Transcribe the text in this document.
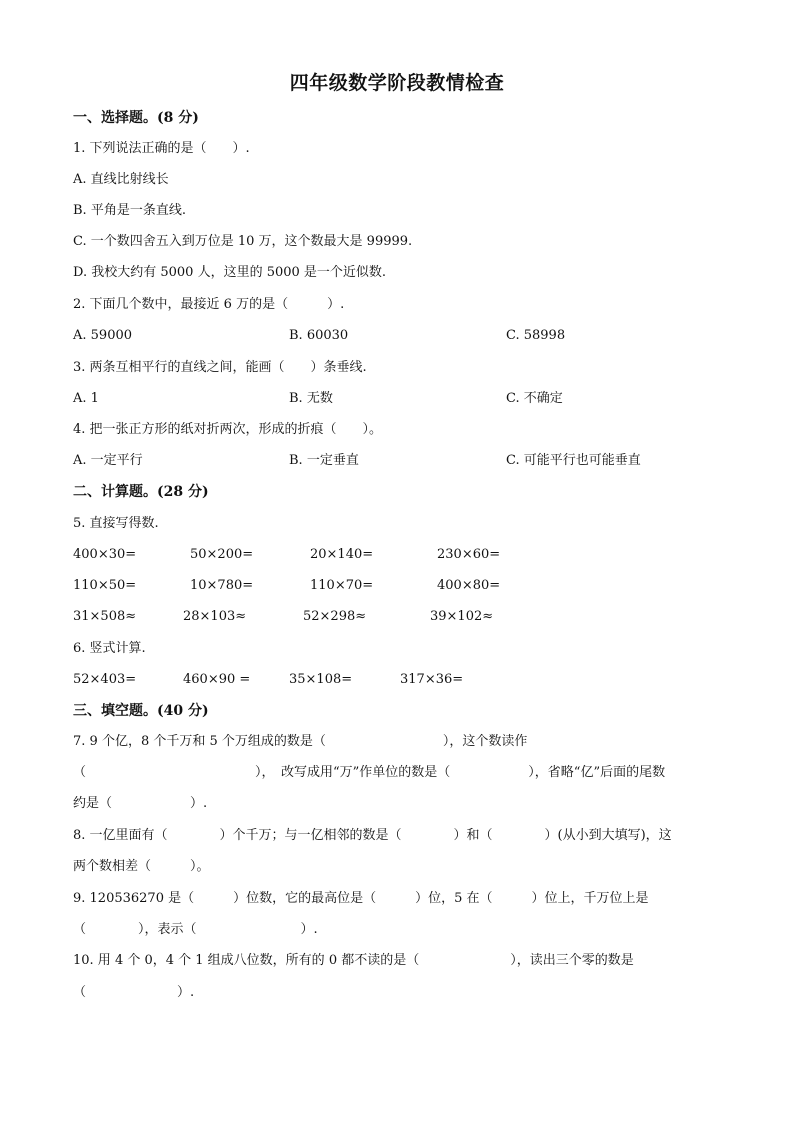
四年级数学阶段教情检查
一、选择题。(8 分)
1. 下列说法正确的是（　　）.
A. 直线比射线长
B. 平角是一条直线.
C. 一个数四舍五入到万位是 10 万，这个数最大是 99999.
D. 我校大约有 5000 人，这里的 5000 是一个近似数.
2. 下面几个数中，最接近 6 万的是（　　　）.
A. 59000	B. 60030	C. 58998
3. 两条互相平行的直线之间，能画（　　）条垂线.
A. 1	B. 无数	C. 不确定
4. 把一张正方形的纸对折两次，形成的折痕（　　）。
A. 一定平行	B. 一定垂直	C. 可能平行也可能垂直
二、计算题。(28 分)
5. 直接写得数.
400×30=	50×200=	20×140=	230×60=
110×50=	10×780=	110×70=	400×80=
31×508≈	28×103≈	52×298≈	39×102≈
6. 竖式计算.
52×403=	460×90 =	35×108=	317×36=
三、填空题。(40 分)
7. 9 个亿，8 个千万和 5 个万组成的数是（　　　　　　　　　），这个数读作
（　　　　　　　　　　　　　），　改写成用“万”作单位的数是（　　　　　　），省略“亿”后面的尾数
约是（　　　　　　）.
8. 一亿里面有（　　　　）个千万；与一亿相邻的数是（　　　　）和（　　　　）(从小到大填写)，这
两个数相差（　　　）。
9. 120536270 是（　　　）位数，它的最高位是（　　　）位，5 在（　　　）位上，千万位上是
（　　　　），表示（　　　　　　　　）.
10. 用 4 个 0，4 个 1 组成八位数，所有的 0 都不读的是（　　　　　　　），读出三个零的数是
（　　　　　　　）.
